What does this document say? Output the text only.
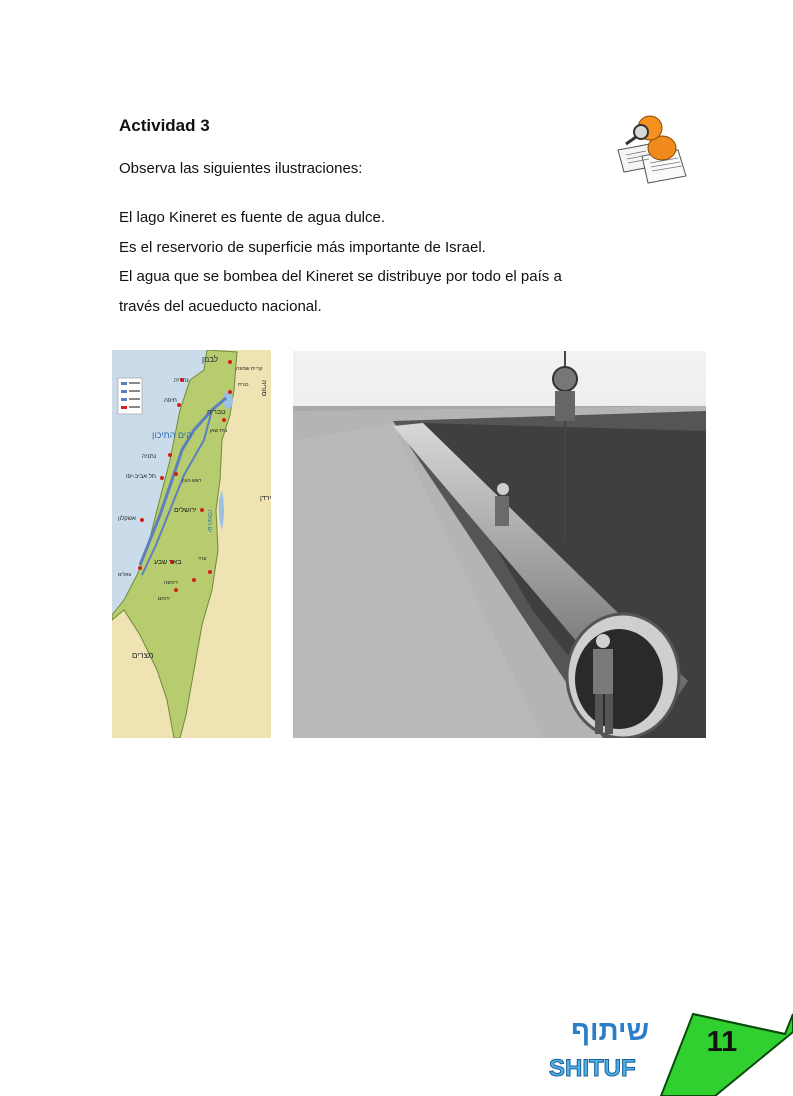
Actividad 3

Observa las siguientes ilustraciones:

El lago Kineret es fuente de agua dulce.

Es el reservorio de superficie más importante de Israel.

El agua que se bombea del Kineret se distribuye por todo el país a

través del acueducto nacional.

לבנון
סוריה
הים התיכון
ירדן
מצרים
ים המלח
נהריה
חיפה
טבריה
בית שאן
נתניה
תל אביב-יפו
ראש העין
ירושלים
אשקלון
באר שבע	ערד
דימונה
ירוחם
צאלים
קריית שמונה
כנרת
שיתוף
SHITUF

11
